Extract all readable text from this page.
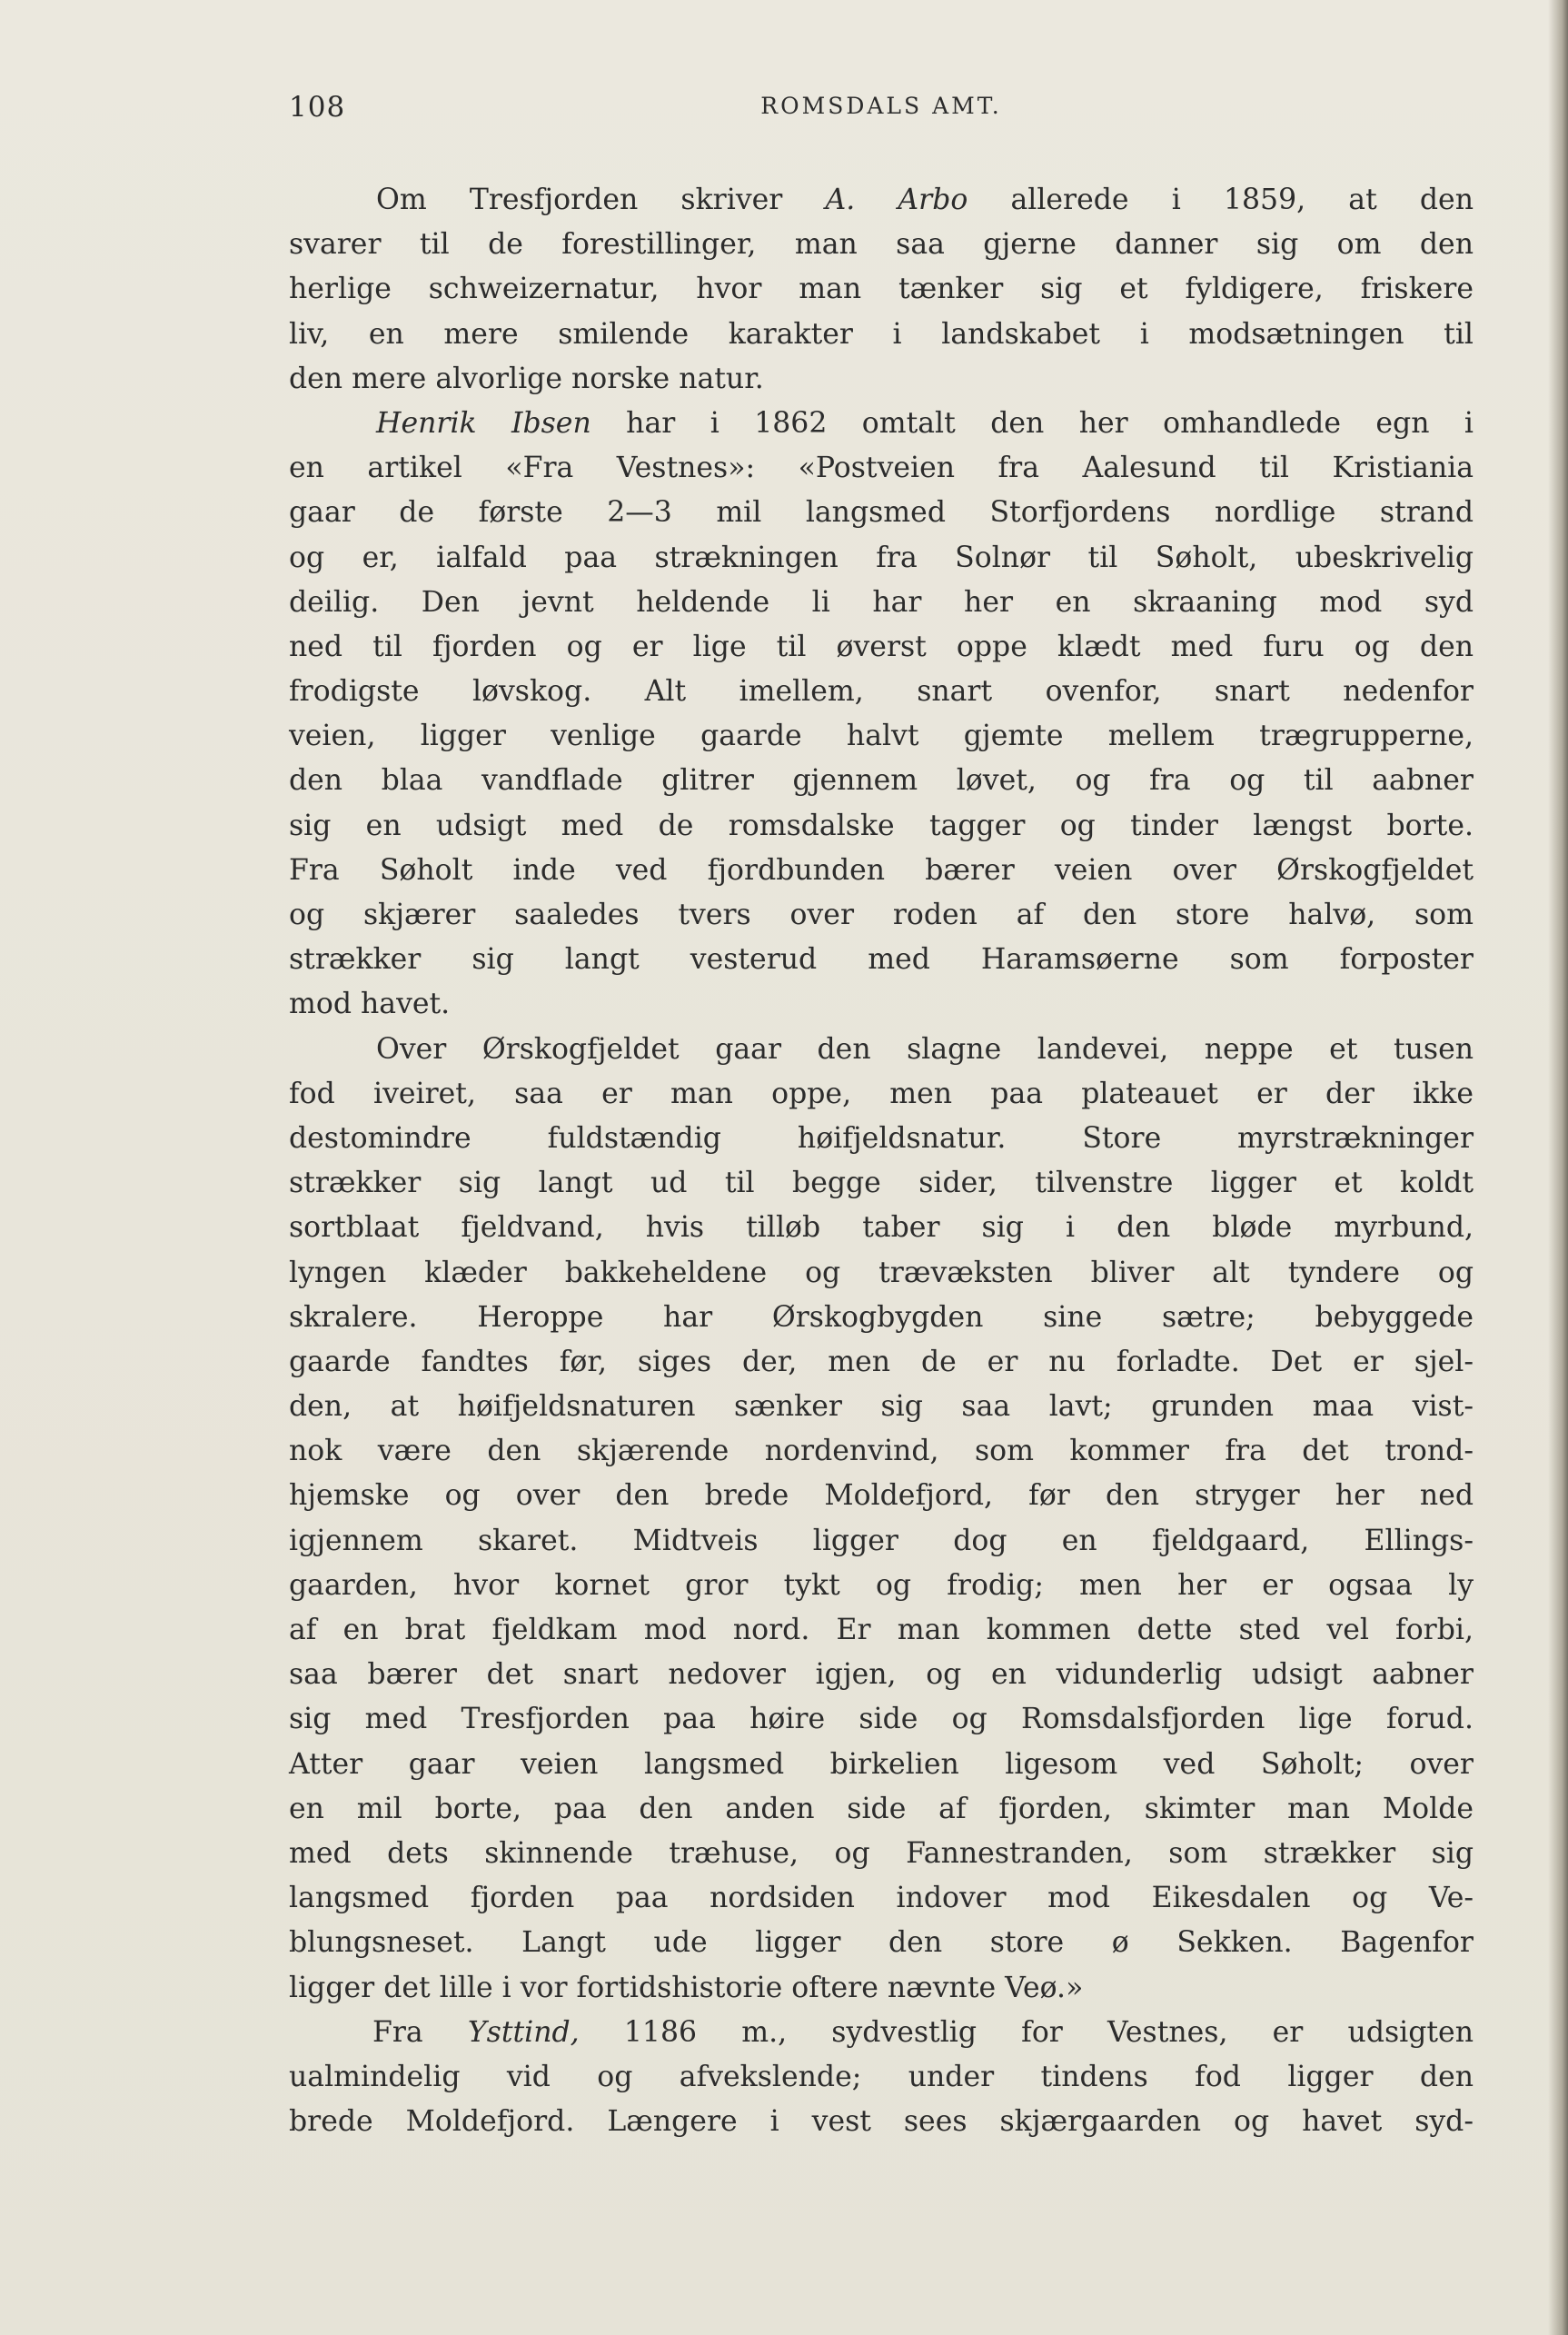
108	ROMSDALS AMT.
Om Tresfjorden skriver A. Arbo allerede i 1859, at den
svarer til de forestillinger, man saa gjerne danner sig om den
herlige schweizernatur, hvor man tænker sig et fyldigere, friskere
liv, en mere smilende karakter i landskabet i modsætningen til
den mere alvorlige norske natur.
Henrik Ibsen har i 1862 omtalt den her omhandlede egn i
en artikel «Fra Vestnes»: «Postveien fra Aalesund til Kristiania
gaar de første 2—3 mil langsmed Storfjordens nordlige strand
og er, ialfald paa strækningen fra Solnør til Søholt, ubeskrivelig
deilig. Den jevnt heldende li har her en skraaning mod syd
ned til fjorden og er lige til øverst oppe klædt med furu og den
frodigste løvskog. Alt imellem, snart ovenfor, snart nedenfor
veien, ligger venlige gaarde halvt gjemte mellem trægrupperne,
den blaa vandflade glitrer gjennem løvet, og fra og til aabner
sig en udsigt med de romsdalske tagger og tinder længst borte.
Fra Søholt inde ved fjordbunden bærer veien over Ørskogfjeldet
og skjærer saaledes tvers over roden af den store halvø, som
strækker sig langt vesterud med Haramsøerne som forposter
mod havet.
Over Ørskogfjeldet gaar den slagne landevei, neppe et tusen
fod iveiret, saa er man oppe, men paa plateauet er der ikke
destomindre fuldstændig høifjeldsnatur. Store myrstrækninger
strækker sig langt ud til begge sider, tilvenstre ligger et koldt
sortblaat fjeldvand, hvis tilløb taber sig i den bløde myrbund,
lyngen klæder bakkeheldene og trævæksten bliver alt tyndere og
skralere. Heroppe har Ørskogbygden sine sætre; bebyggede
gaarde fandtes før, siges der, men de er nu forladte. Det er sjel-
den, at høifjeldsnaturen sænker sig saa lavt; grunden maa vist-
nok være den skjærende nordenvind, som kommer fra det trond-
hjemske og over den brede Moldefjord, før den stryger her ned
igjennem skaret. Midtveis ligger dog en fjeldgaard, Ellings-
gaarden, hvor kornet gror tykt og frodig; men her er ogsaa ly
af en brat fjeldkam mod nord. Er man kommen dette sted vel forbi,
saa bærer det snart nedover igjen, og en vidunderlig udsigt aabner
sig med Tresfjorden paa høire side og Romsdalsfjorden lige forud.
Atter gaar veien langsmed birkelien ligesom ved Søholt; over
en mil borte, paa den anden side af fjorden, skimter man Molde
med dets skinnende træhuse, og Fannestranden, som strækker sig
langsmed fjorden paa nordsiden indover mod Eikesdalen og Ve-
blungsneset. Langt ude ligger den store ø Sekken. Bagenfor
ligger det lille i vor fortidshistorie oftere nævnte Veø.»
Fra Ysttind, 1186 m., sydvestlig for Vestnes, er udsigten
ualmindelig vid og afvekslende; under tindens fod ligger den
brede Moldefjord. Længere i vest sees skjærgaarden og havet syd-
